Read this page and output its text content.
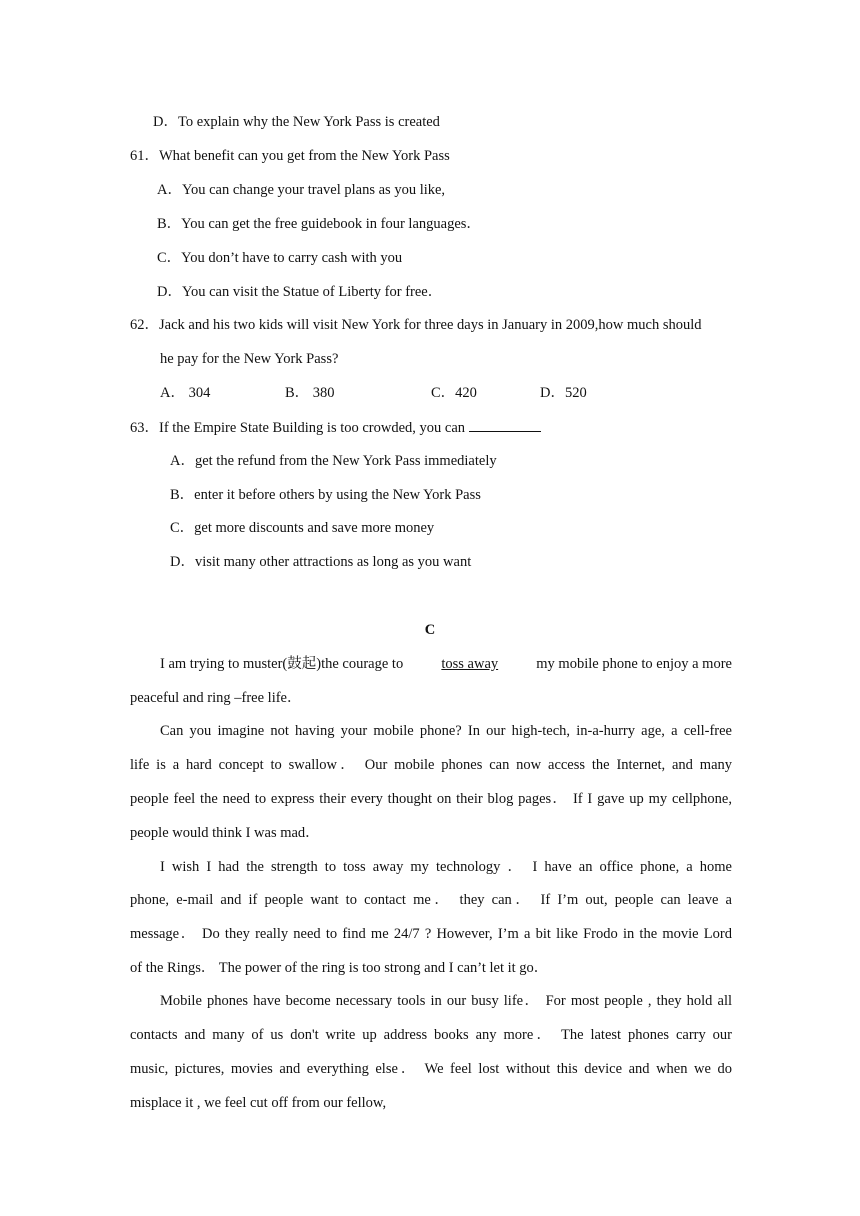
D．To explain why the New York Pass is created
61．What benefit can you get from the New York Pass
A．You can change your travel plans as you like,
B．You can get the free guidebook in four languages．
C．You don’t have to carry cash with you
D．You can visit the Statue of Liberty for free．
62．Jack and his two kids will visit New York for three days in January in 2009,how much should
he pay for the New York Pass?
A． 304	B． 380	C．420	D．520
63．If the Empire State Building is too crowded, you can
A．get the refund from the New York Pass immediately
B．enter it before others by using the New York Pass
C．get more discounts and save more money
D．visit many other attractions as long as you want
C
I am trying to muster(鼓起)the courage to	toss away	my mobile phone to enjoy a more
peaceful and ring –free life．
Can you imagine not having your mobile phone? In our high-tech, in-a-hurry age, a cell-free
life is a hard concept to swallow． Our mobile phones can now access the Internet, and many
people feel the need to express their every thought on their blog pages． If I gave up my cellphone,
people would think I was mad．
I wish I had the strength to toss away my technology ． I have an office phone, a home
phone, e-mail and if people want to contact me． they can． If I’m out, people can leave a
message． Do they really need to find me 24/7 ? However, I’m a bit like Frodo in the movie Lord
of the Rings． The power of the ring is too strong and I can’t let it go．
Mobile phones have become necessary tools in our busy life． For most people , they hold all
contacts and many of us don't write up address books any more． The latest phones carry our
music, pictures, movies and everything else． We feel lost without this device and when we do
misplace it , we feel cut off from our fellow,
